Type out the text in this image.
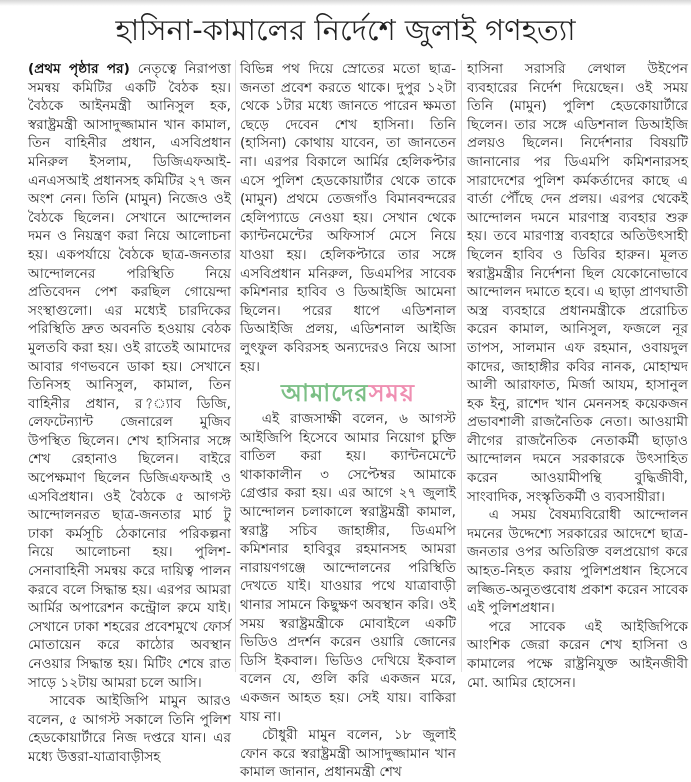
হাসিনা-কামালের নির্দেশে জুলাই গণহত্যা

(প্রথম পৃষ্ঠার পর) নেতৃত্বে নিরাপত্তা সমন্বয় কমিটির একটি বৈঠক হয়। বৈঠকে আইনমন্ত্রী আনিসুল হক, স্বরাষ্ট্রমন্ত্রী আসাদুজ্জামান খান কামাল, তিন বাহিনীর প্রধান, এসবিপ্রধান মনিরুল ইসলাম, ডিজিএফআই-এনএসআই প্রধানসহ কমিটির ২৭ জন অংশ নেন। তিনি (মামুন) নিজেও ওই বৈঠকে ছিলেন। সেখানে আন্দোলন দমন ও নিয়ন্ত্রণ করা নিয়ে আলোচনা হয়। একপর্যায়ে বৈঠকে ছাত্র-জনতার আন্দোলনের পরিস্থিতি নিয়ে প্রতিবেদন পেশ করছিল গোয়েন্দা সংস্থাগুলো। এর মধ্যেই চারদিকের পরিস্থিতি দ্রুত অবনতি হওয়ায় বেঠক মুলতবি করা হয়। ওই রাতেই আমাদের আবার গণভবনে ডাকা হয়। সেখানে তিনিসহ আনিসুল, কামাল, তিন বাহিনীর প্রধান, র?্যাব ডিজি, লেফটেন্যান্ট জেনারেল মুজিব উপস্থিত ছিলেন। শেখ হাসিনার সঙ্গে শেখ রেহানাও ছিলেন। বাইরে অপেক্ষমাণ ছিলেন ডিজিএফআই ও এসবিপ্রধান। ওই বৈঠকে ৫ আগস্ট আন্দোলনরত ছাত্র-জনতার মার্চ টু ঢাকা কর্মসূচি ঠেকানোর পরিকল্পনা নিয়ে আলোচনা হয়। পুলিশ-সেনাবাহিনী সমন্বয় করে দায়িত্ব পালন করবে বলে সিদ্ধান্ত হয়। এরপর আমরা আর্মির অপারেশন কন্ট্রোল রুমে যাই। সেখানে ঢাকা শহরের প্রবেশমুখে ফোর্স মোতায়েন করে কাঠোর অবস্থান নেওয়ার সিদ্ধান্ত হয়। মিটিং শেষে রাত সাড়ে ১২টায় আমরা চলে আসি।

সাবেক আইজিপি মামুন আরও বলেন, ৫ আগস্ট সকালে তিনি পুলিশ হেডকোয়ার্টারে নিজ দপ্তরে যান। এর মধ্যে উত্তরা-যাত্রাবাড়ীসহ

বিভিন্ন পথ দিয়ে স্রোতের মতো ছাত্র-জনতা প্রবেশ করতে থাকে। দুপুর ১২টা থেকে ১টার মধ্যে জানতে পারেন ক্ষমতা ছেড়ে দেবেন শেখ হাসিনা। তিনি (হাসিনা) কোথায় যাবেন, তা জানতেন না। এরপর বিকালে আর্মির হেলিকপ্টার এসে পুলিশ হেডকোয়ার্টার থেকে তাকে (মামুন) প্রথমে তেজগাঁও বিমানবন্দরের হেলিপ্যাডে নেওয়া হয়। সেখান থেকে ক্যান্টনমেন্টের অফিসার্স মেসে নিয়ে যাওয়া হয়। হেলিকপ্টারে তার সঙ্গে এসবিপ্রধান মনিরুল, ডিএমপির সাবেক কমিশনার হাবিব ও ডিআইজি আমেনা ছিলেন। পরের ধাপে এডিশনাল ডিআইজি প্রলয়, এডিশনাল আইজি লুৎফুল কবিরসহ অন্যদেরও নিয়ে আসা হয়।

আমাদেরসময়

এই রাজসাক্ষী বলেন, ৬ আগস্ট আইজিপি হিসেবে আমার নিয়োগ চুক্তি বাতিল করা হয়। ক্যান্টনমেন্টে থাকাকালীন ৩ সেপ্টেম্বর আমাকে গ্রেপ্তার করা হয়। এর আগে ২৭ জুলাই আন্দোলন চলাকালে স্বরাষ্ট্রমন্ত্রী কামাল, স্বরাষ্ট্র সচিব জাহাঙ্গীর, ডিএমপি কমিশনার হাবিবুর রহমানসহ আমরা নারায়ণগঞ্জে আন্দোলনের পরিস্থিতি দেখতে যাই। যাওয়ার পথে যাত্রাবাড়ী থানার সামনে কিছুক্ষণ অবস্থান করি। ওই সময় স্বরাষ্ট্রমন্ত্রীকে মোবাইলে একটি ভিডিও প্রদর্শন করেন ওয়ারি জোনের ডিসি ইকবাল। ভিডিও দেখিয়ে ইকবাল বলেন যে, গুলি করি একজন মরে, একজন আহত হয়। সেই যায়। বাকিরা যায় না।

চৌধুরী মামুন বলেন, ১৮ জুলাই ফোন করে স্বরাষ্ট্রমন্ত্রী আসাদুজ্জামান খান কামাল জানান, প্রধানমন্ত্রী শেখ

হাসিনা সরাসরি লেথাল উইপেন ব্যবহারের নির্দেশ দিয়েছেন। ওই সময় তিনি (মামুন) পুলিশ হেডকোয়ার্টারে ছিলেন। তার সঙ্গে এডিশনাল ডিআইজি প্রলয়ও ছিলেন। নির্দেশনার বিষয়টি জানানোর পর ডিএমপি কমিশনারসহ সারাদেশের পুলিশ কর্মকর্তাদের কাছে এ বার্তা পৌঁছে দেন প্রলয়। এরপর থেকেই আন্দোলন দমনে মারণাস্ত্র ব্যবহার শুরু হয়। তবে মারণাস্ত্র ব্যবহারে অতিউৎসাহী ছিলেন হাবিব ও ডিবির হারুন। মূলত স্বরাষ্ট্রমন্ত্রীর নির্দেশনা ছিল যেকোনোভাবে আন্দোলন দমাতে হবে। এ ছাড়া প্রাণঘাতী অস্ত্র ব্যবহারে প্রধানমন্ত্রীকে প্ররোচিত করেন কামাল, আনিসুল, ফজলে নূর তাপস, সালমান এফ রহমান, ওবায়দুল কাদের, জাহাঙ্গীর কবির নানক, মোহাম্মদ আলী আরাফাত, মির্জা আযম, হাসানুল হক ইনু, রাশেদ খান মেননসহ কয়েকজন প্রভাবশালী রাজনৈতিক নেতা। আওয়ামী লীগের রাজনৈতিক নেতাকর্মী ছাড়াও আন্দোলন দমনে সরকারকে উৎসাহিত করেন আওয়ামীপন্থি বুদ্ধিজীবী, সাংবাদিক, সংস্কৃতিকর্মী ও ব্যবসায়ীরা।

এ সময় বৈষম্যবিরোধী আন্দোলন দমনের উদ্দেশ্যে সরকারের আদেশে ছাত্র-জনতার ওপর অতিরিক্ত বলপ্রয়োগ করে আহত-নিহত করায় পুলিশপ্রধান হিসেবে লজ্জিত-অনুতপ্তবোধ প্রকাশ করেন সাবেক এই পুলিশপ্রধান।

পরে সাবেক এই আইজিপিকে আংশিক জেরা করেন শেখ হাসিনা ও কামালের পক্ষে রাষ্ট্রনিযুক্ত আইনজীবী মো. আমির হোসেন।
